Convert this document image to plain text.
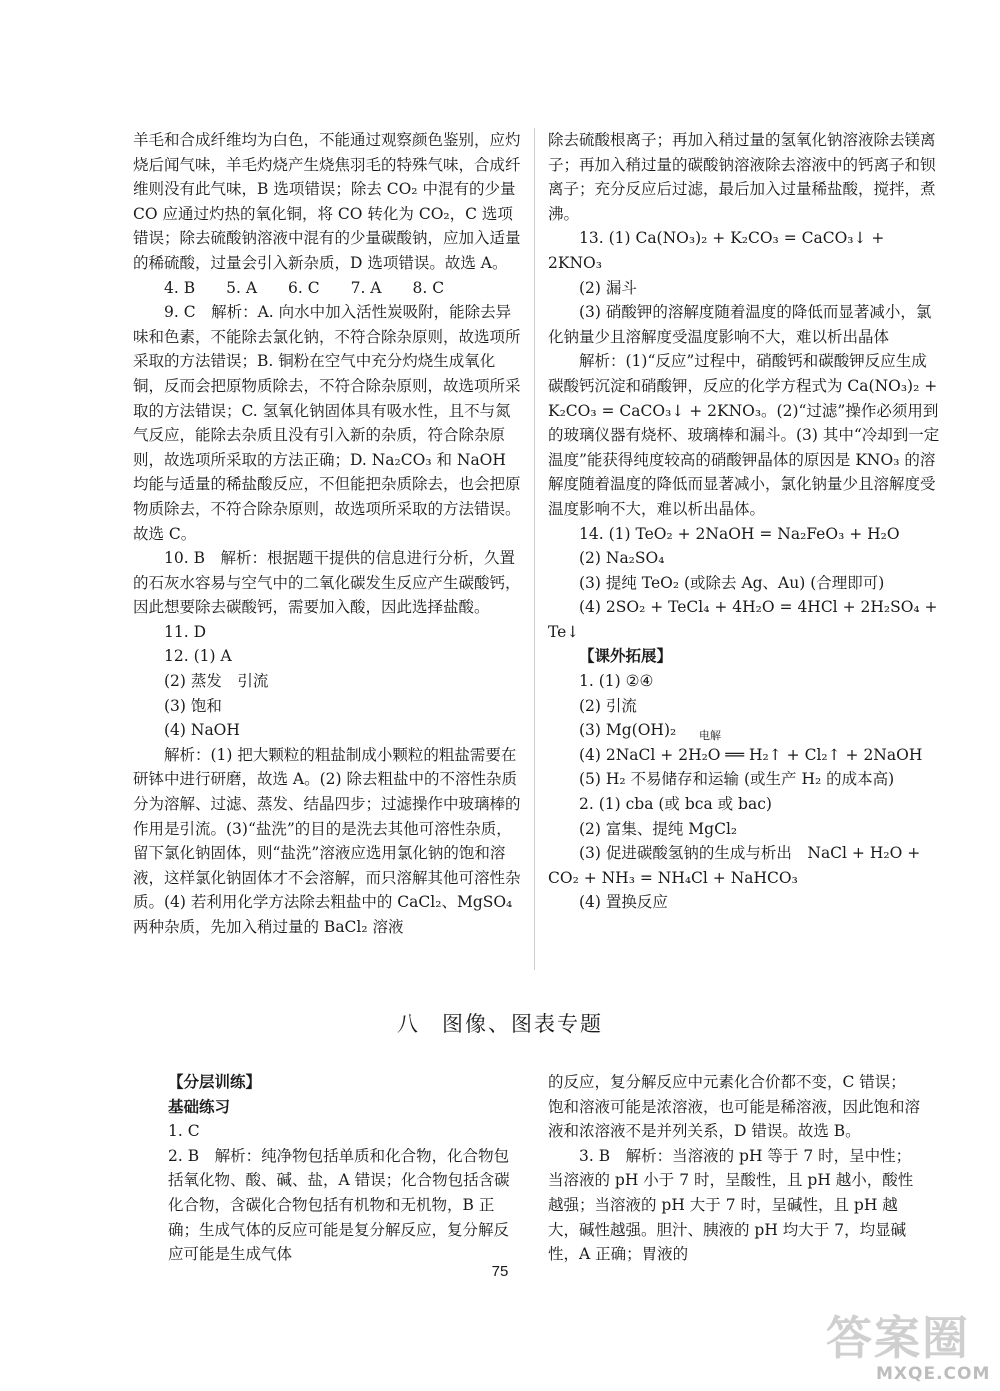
羊毛和合成纤维均为白色，不能通过观察颜色鉴别，应灼烧后闻气味，羊毛灼烧产生烧焦羽毛的特殊气味，合成纤维则没有此气味，B 选项错误；除去 CO₂ 中混有的少量 CO 应通过灼热的氧化铜，将 CO 转化为 CO₂，C 选项错误；除去硫酸钠溶液中混有的少量碳酸钠，应加入适量的稀硫酸，过量会引入新杂质，D 选项错误。故选 A。

4. B　　5. A　　6. C　　7. A　　8. C

9. C　解析：A. 向水中加入活性炭吸附，能除去异味和色素，不能除去氯化钠，不符合除杂原则，故选项所采取的方法错误；B. 铜粉在空气中充分灼烧生成氧化铜，反而会把原物质除去，不符合除杂原则，故选项所采取的方法错误；C. 氢氧化钠固体具有吸水性，且不与氮气反应，能除去杂质且没有引入新的杂质，符合除杂原则，故选项所采取的方法正确；D. Na₂CO₃ 和 NaOH 均能与适量的稀盐酸反应，不但能把杂质除去，也会把原物质除去，不符合除杂原则，故选项所采取的方法错误。故选 C。

10. B　解析：根据题干提供的信息进行分析，久置的石灰水容易与空气中的二氧化碳发生反应产生碳酸钙，因此想要除去碳酸钙，需要加入酸，因此选择盐酸。

11. D

12. (1) A

(2) 蒸发　引流

(3) 饱和

(4) NaOH

解析：(1) 把大颗粒的粗盐制成小颗粒的粗盐需要在研钵中进行研磨，故选 A。(2) 除去粗盐中的不溶性杂质分为溶解、过滤、蒸发、结晶四步；过滤操作中玻璃棒的作用是引流。(3)“盐洗”的目的是洗去其他可溶性杂质，留下氯化钠固体，则“盐洗”溶液应选用氯化钠的饱和溶液，这样氯化钠固体才不会溶解，而只溶解其他可溶性杂质。(4) 若利用化学方法除去粗盐中的 CaCl₂、MgSO₄ 两种杂质，先加入稍过量的 BaCl₂ 溶液

除去硫酸根离子；再加入稍过量的氢氧化钠溶液除去镁离子；再加入稍过量的碳酸钠溶液除去溶液中的钙离子和钡离子；充分反应后过滤，最后加入过量稀盐酸，搅拌，煮沸。

13. (1) Ca(NO₃)₂ + K₂CO₃ = CaCO₃↓ + 2KNO₃

(2) 漏斗

(3) 硝酸钾的溶解度随着温度的降低而显著减小，氯化钠量少且溶解度受温度影响不大，难以析出晶体

解析：(1)“反应”过程中，硝酸钙和碳酸钾反应生成碳酸钙沉淀和硝酸钾，反应的化学方程式为 Ca(NO₃)₂ + K₂CO₃ = CaCO₃↓ + 2KNO₃。(2)“过滤”操作必须用到的玻璃仪器有烧杯、玻璃棒和漏斗。(3) 其中“冷却到一定温度”能获得纯度较高的硝酸钾晶体的原因是 KNO₃ 的溶解度随着温度的降低而显著减小，氯化钠量少且溶解度受温度影响不大，难以析出晶体。

14. (1) TeO₂ + 2NaOH = Na₂FeO₃ + H₂O

(2) Na₂SO₄

(3) 提纯 TeO₂ (或除去 Ag、Au) (合理即可)

(4) 2SO₂ + TeCl₄ + 4H₂O = 4HCl + 2H₂SO₄ + Te↓

【课外拓展】

1. (1) ②④

(2) 引流

(3) Mg(OH)₂

(4) 2NaCl + 2H₂O ══ H₂↑ + Cl₂↑ + 2NaOH
电解

(5) H₂ 不易储存和运输 (或生产 H₂ 的成本高)

2. (1) cba (或 bca 或 bac)

(2) 富集、提纯 MgCl₂

(3) 促进碳酸氢钠的生成与析出　NaCl + H₂O + CO₂ + NH₃ = NH₄Cl + NaHCO₃

(4) 置换反应

八 图像、图表专题

【分层训练】

基础练习

1. C

2. B　解析：纯净物包括单质和化合物，化合物包括氧化物、酸、碱、盐，A 错误；化合物包括含碳化合物，含碳化合物包括有机物和无机物，B 正确；生成气体的反应可能是复分解反应，复分解反应可能是生成气体

的反应，复分解反应中元素化合价都不变，C 错误；饱和溶液可能是浓溶液，也可能是稀溶液，因此饱和溶液和浓溶液不是并列关系，D 错误。故选 B。

3. B　解析：当溶液的 pH 等于 7 时，呈中性；当溶液的 pH 小于 7 时，呈酸性，且 pH 越小，酸性越强；当溶液的 pH 大于 7 时，呈碱性，且 pH 越大，碱性越强。胆汁、胰液的 pH 均大于 7，均显碱性，A 正确；胃液的

75
答案圈
MXQE.COM
